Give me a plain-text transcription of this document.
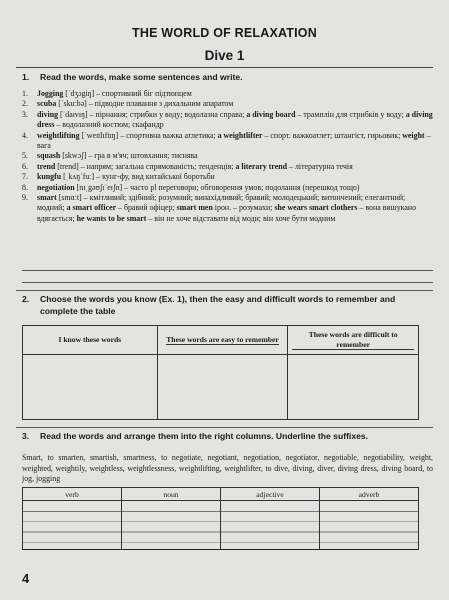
THE WORLD OF RELAXATION
Dive 1
1.	Read the words, make some sentences and write.
1. Jogging [ˈdʒɔgiŋ] – спортивний біг підтюпцем
2. scuba [ˈskuːbə] – підводне плавання з дихальним апаратом
3. diving [ˈdaɪvɪŋ] – пірнання; стрибки у воду; водолазна справа; a diving board – трамплін для стрибків у воду; a diving dress – водолазний костюм; скафандр
4. weightlifting [ˈweɪtlɪftɪŋ] – спортивна важка атлетика; a weightlifter – спорт. важкоатлет; штангіст, гирьовик; weight – вага
5. squash [skwɔʃ] – гра в м'яч; штовхання; тиснява
6. trend [trend] – напрям; загальна спрямованість; тенденція; a literary trend – літературна течія
7. kungfu [ˌkʌŋˈfuː] – кунг-фу, вид китайської боротьби
8. negotiation [nɪˌgəʊʃɪˈeɪʃn] – часто pl переговори; обговорення умов; подолання (перешкод тощо)
9. smart [smɑːt] – кмітливий; здібний; розумний; винахідливий; бравий; молодецький; витончений; елегантний; модний; a smart officer – бравий офіцер; smart men ірон. – розумахи; she wears smart clothers – вона вишукано вдягається; he wants to be smart – він не хоче відставати від моди; він хоче бути модним
2.	Choose the words you know (Ex. 1), then the easy and difficult words to remember and complete the table
I know these words	These words are easy to remember	These words are difficult to remember

3.	Read the words and arrange them into the right columns. Underline the suffixes.
Smart, to smarten, smartish, smartness, to negotiate, negotiant, negotiation, negotiator, negotiable, negotiability, weight, weighted, weightily, weightless, weightlessness, weightlifting, weightlifter, to dive, diving, diver, diving dress, diving board, to jog, jogging
verb	noun	adjective	adverb

4
